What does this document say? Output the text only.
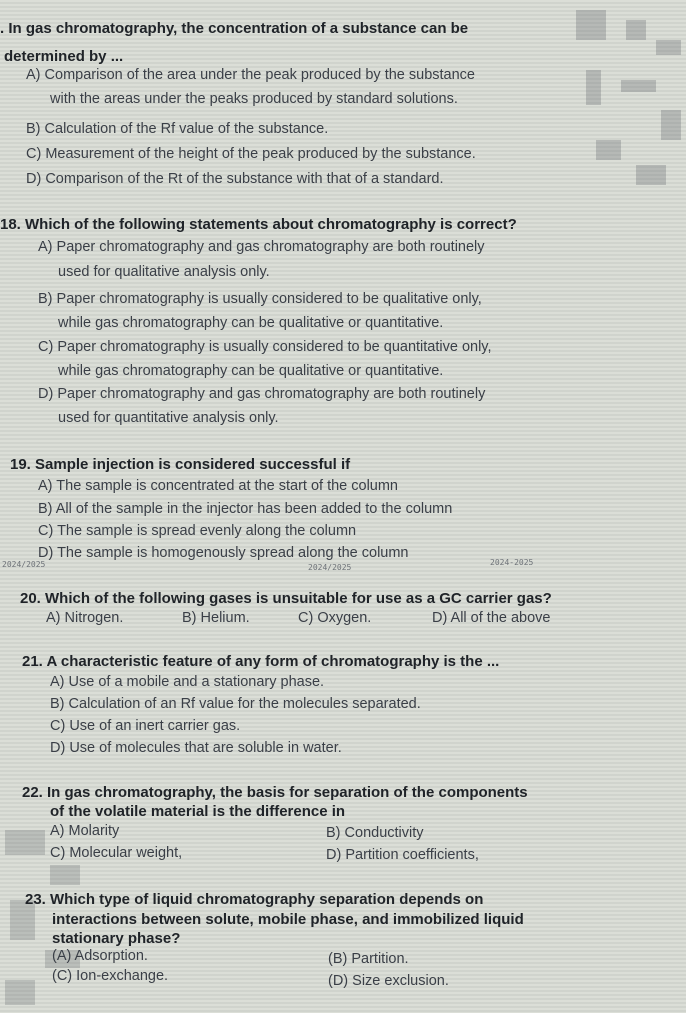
. In gas chromatography, the concentration of a substance can be
determined by ...
A) Comparison of the area under the peak produced by the substance
with the areas under the peaks produced by standard solutions.
B) Calculation of the Rf value of the substance.
C) Measurement of the height of the peak produced by the substance.
D) Comparison of the Rt of the substance with that of a standard.
18. Which of the following statements about chromatography is correct?
A) Paper chromatography and gas chromatography are both routinely
used for qualitative analysis only.
B) Paper chromatography is usually considered to be qualitative only,
while gas chromatography can be qualitative or quantitative.
C) Paper chromatography is usually considered to be quantitative only,
while gas chromatography can be qualitative or quantitative.
D) Paper chromatography and gas chromatography are both routinely
used for quantitative analysis only.
19. Sample injection is considered successful if
A) The sample is concentrated at the start of the column
B) All of the sample in the injector has been added to the column
C) The sample is spread evenly along the column
D) The sample is homogenously spread along the column
2024/2025	2024/2025
2024-2025
20. Which of the following gases is unsuitable for use as a GC carrier gas?
A) Nitrogen.	B) Helium.	C) Oxygen.	D) All of the above
21. A characteristic feature of any form of chromatography is the ...
A) Use of a mobile and a stationary phase.
B) Calculation of an Rf value for the molecules separated.
C) Use of an inert carrier gas.
D) Use of molecules that are soluble in water.
22. In gas chromatography, the basis for separation of the components
of the volatile material is the difference in
A) Molarity	B) Conductivity
C) Molecular weight,	D) Partition coefficients,
23. Which type of liquid chromatography separation depends on
interactions between solute, mobile phase, and immobilized liquid
stationary phase?
(A) Adsorption.	(B) Partition.
(C) Ion-exchange.	(D) Size exclusion.
